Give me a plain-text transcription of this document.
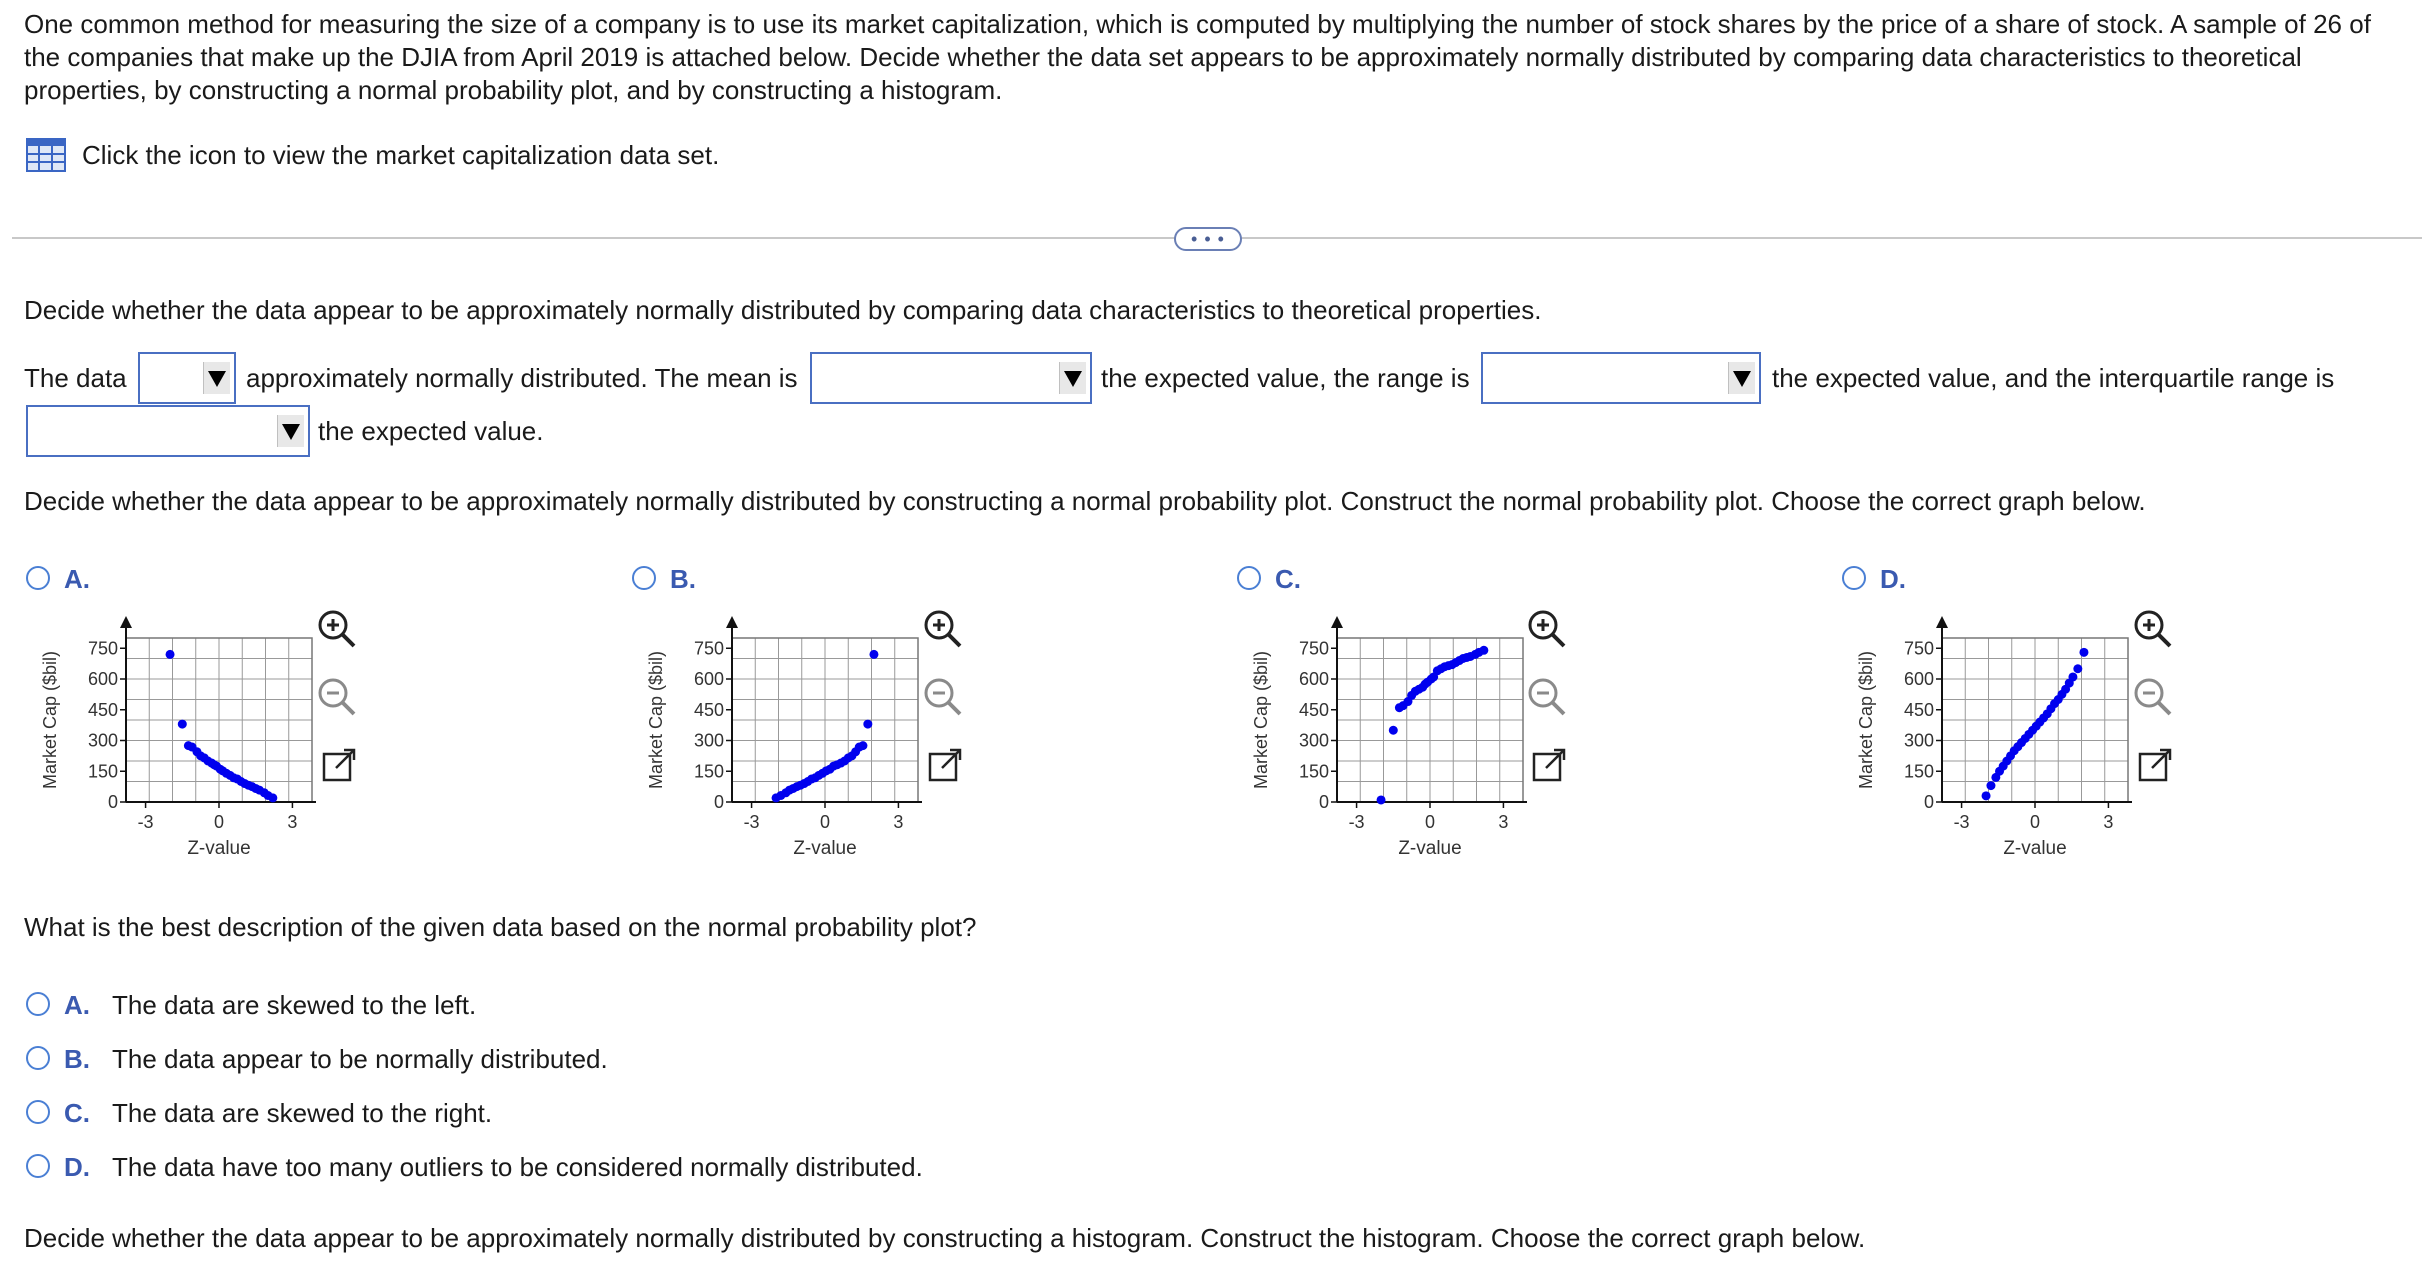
One common method for measuring the size of a company is to use its market capitalization, which is computed by multiplying the number of stock shares by the price of a share of stock. A sample of 26 of the companies that make up the DJIA from April 2019 is attached below. Decide whether the data set appears to be approximately normally distributed by comparing data characteristics to theoretical properties, by constructing a normal probability plot, and by constructing a histogram.
Click the icon to view the market capitalization data set.
• • •
Decide whether the data appear to be approximately normally distributed by comparing data characteristics to theoretical properties.
The data	approximately normally distributed. The mean is	the expected value, the range is	the expected value, and the interquartile range is
the expected value.
Decide whether the data appear to be approximately normally distributed by constructing a normal probability plot. Construct the normal probability plot. Choose the correct graph below.
A.
0
150
300
450
600
750
-3	0	3
Z-value
Market Cap ($bil)
B.
0
150
300
450
600
750
-3	0	3
Z-value
Market Cap ($bil)
C.
0
150
300
450
600
750
-3	0	3
Z-value
Market Cap ($bil)
D.
0
150
300
450
600
750
-3	0	3
Z-value
Market Cap ($bil)
What is the best description of the given data based on the normal probability plot?
A. The data are skewed to the left.
B. The data appear to be normally distributed.
C. The data are skewed to the right.
D. The data have too many outliers to be considered normally distributed.
Decide whether the data appear to be approximately normally distributed by constructing a histogram. Construct the histogram. Choose the correct graph below.
